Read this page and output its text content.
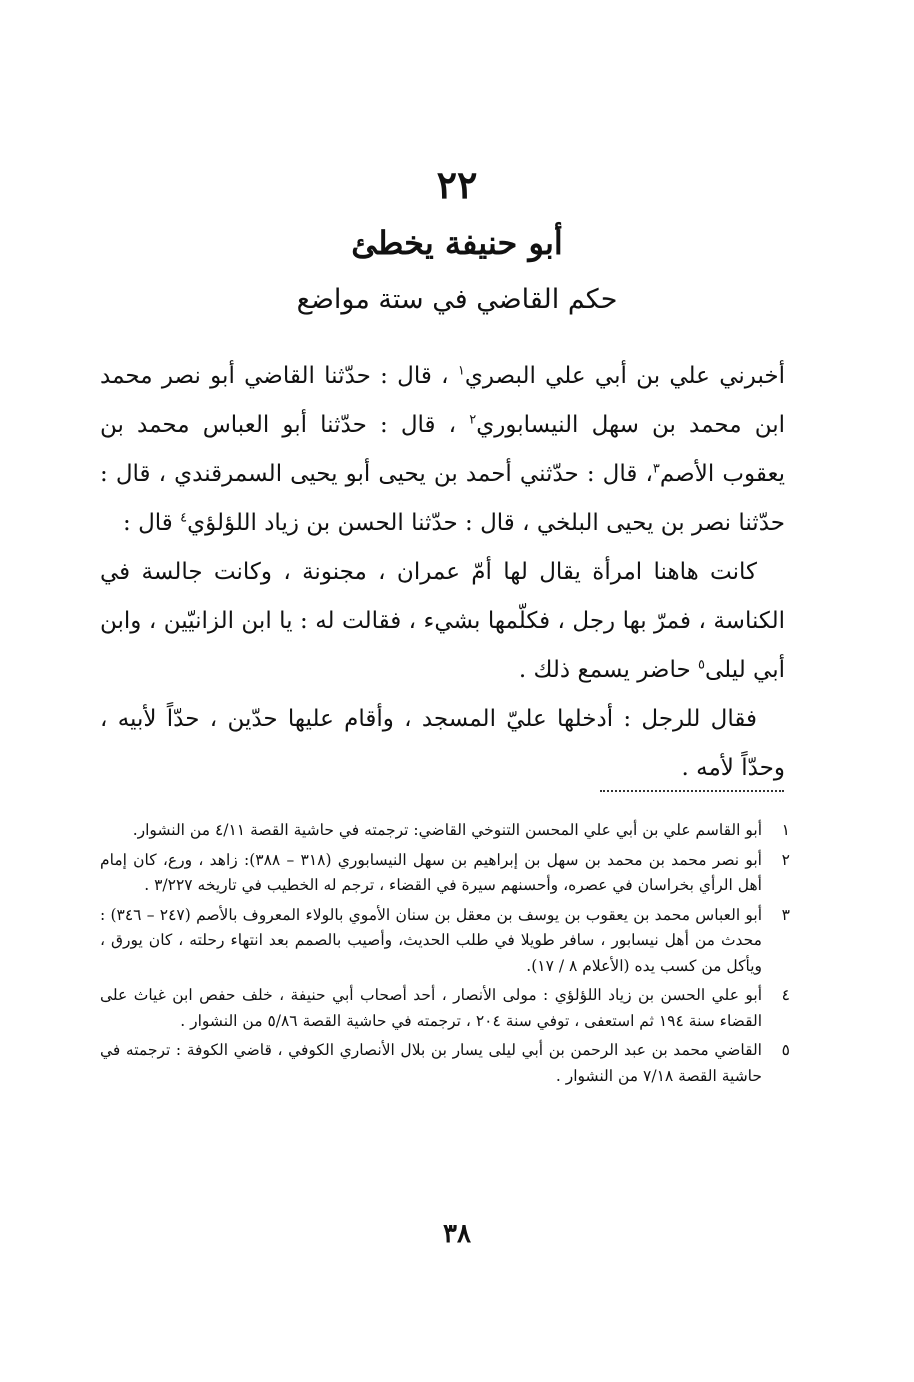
٢٢
أبو حنيفة يخطئ
حكم القاضي في ستة مواضع

أخبرني علي بن أبي علي البصري$^١$ ، قال : حدّثنا القاضي أبو نصر محمد ابن محمد بن سهل النيسابوري$^٢$ ، قال : حدّثنا أبو العباس محمد بن يعقوب الأصم$^٣$، قال : حدّثني أحمد بن يحيى أبو يحيى السمرقندي ، قال : حدّثنا نصر بن يحيى البلخي ، قال : حدّثنا الحسن بن زياد اللؤلؤي$^٤$ قال :

كانت هاهنا امرأة يقال لها أمّ عمران ، مجنونة ، وكانت جالسة في الكناسة ، فمرّ بها رجل ، فكلّمها بشيء ، فقالت له : يا ابن الزانيّين ، وابن أبي ليلى$^٥$ حاضر يسمع ذلك .

فقال للرجل : أدخلها عليّ المسجد ، وأقام عليها حدّين ، حدّاً لأبيه ، وحدّاً لأمه .

١
أبو القاسم علي بن أبي علي المحسن التنوخي القاضي: ترجمته في حاشية القصة ٤/١١ من النشوار.
٢
أبو نصر محمد بن محمد بن سهل بن إبراهيم بن سهل النيسابوري (٣١٨ – ٣٨٨): زاهد ، ورع، كان إمام أهل الرأي بخراسان في عصره، وأحسنهم سيرة في القضاء ، ترجم له الخطيب في تاريخه ٣/٢٢٧ .
٣
أبو العباس محمد بن يعقوب بن يوسف بن معقل بن سنان الأموي بالولاء المعروف بالأصم (٢٤٧ – ٣٤٦) : محدث من أهل نيسابور ، سافر طويلا في طلب الحديث، وأصيب بالصمم بعد انتهاء رحلته ، كان يورق ، ويأكل من كسب يده (الأعلام ٨ / ١٧).
٤
أبو علي الحسن بن زياد اللؤلؤي : مولى الأنصار ، أحد أصحاب أبي حنيفة ، خلف حفص ابن غياث على القضاء سنة ١٩٤ ثم استعفى ، توفي سنة ٢٠٤ ، ترجمته في حاشية القصة ٥/٨٦ من النشوار .
٥
القاضي محمد بن عبد الرحمن بن أبي ليلى يسار بن بلال الأنصاري الكوفي ، قاضي الكوفة : ترجمته في حاشية القصة ٧/١٨ من النشوار .
٣٨
